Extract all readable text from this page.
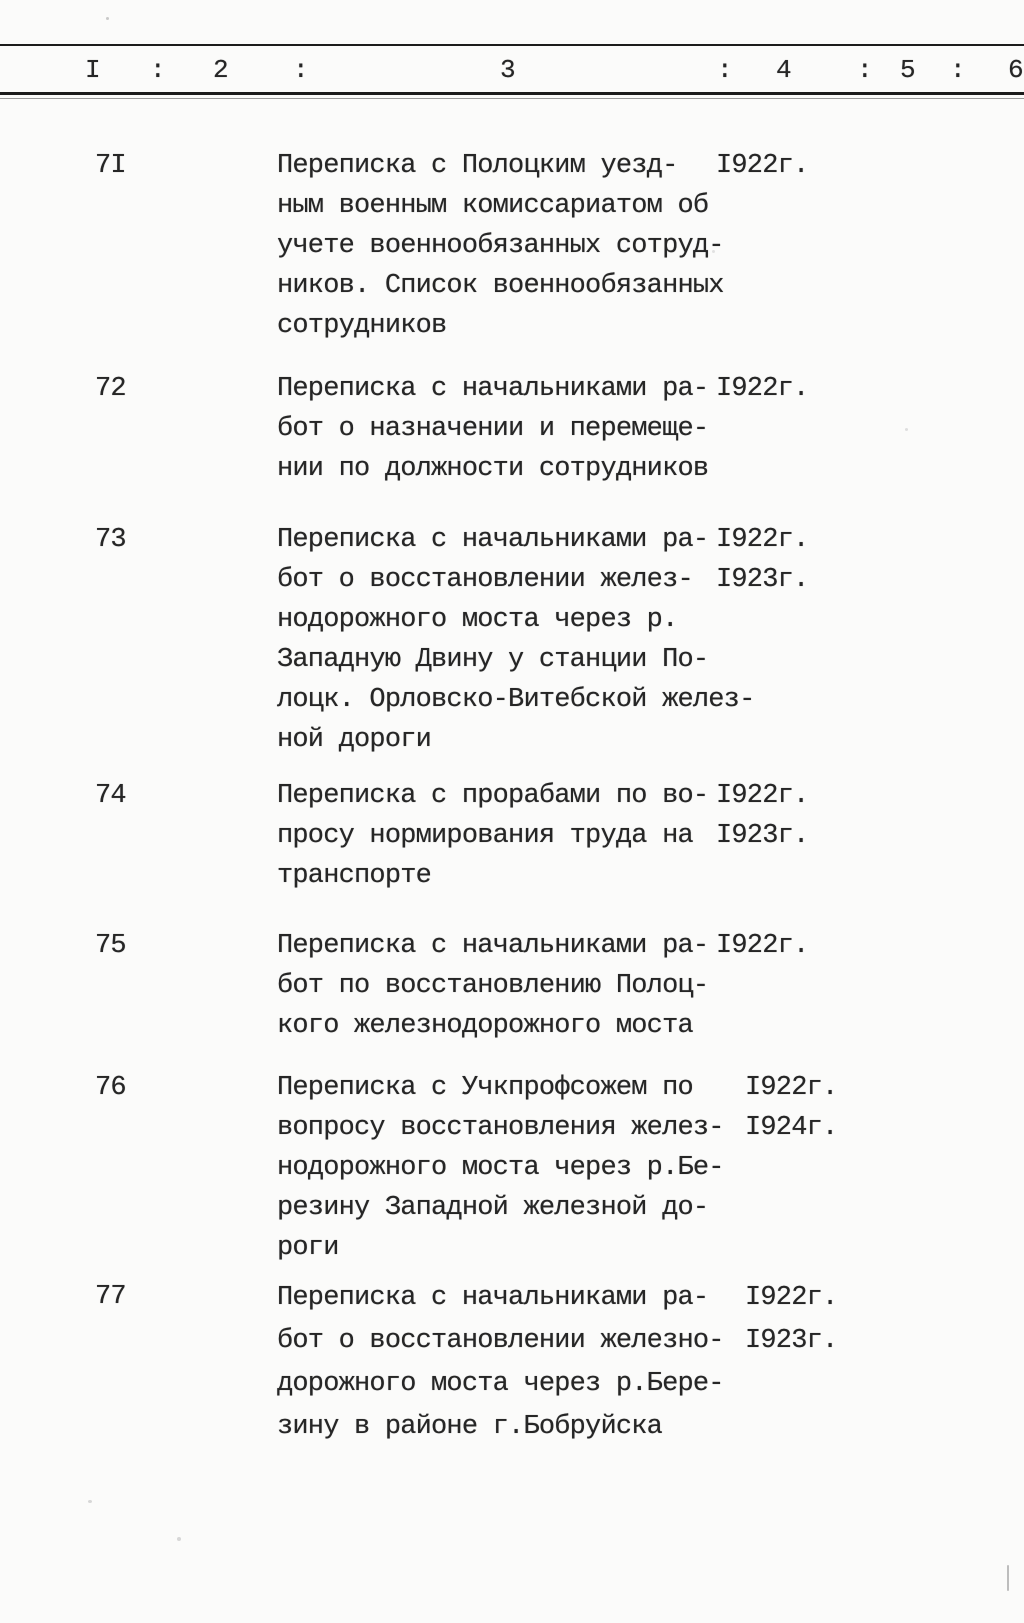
I : 2 :	3	: 4	: 5 : 6
7I	Переписка с Полоцким уезд-
ным военным комиссариатом об
учете военнообязанных сотруд-
ников. Список военнообязанных
сотрудников
I922г.
72	Переписка с начальниками ра-
бот о назначении и перемеще-
нии по должности сотрудников
I922г.
73	Переписка с начальниками ра-
бот о восстановлении желез-
нодорожного моста через р.
Западную Двину у станции По-
лоцк. Орловско-Витебской желез-
ной дороги
I922г.
I923г.
74	Переписка с прорабами по во-
просу нормирования труда на
транспорте
I922г.
I923г.
75	Переписка с начальниками ра-
бот по восстановлению Полоц-
кого железнодорожного моста
I922г.
76	Переписка с Учкпрофсожем по
вопросу восстановления желез-
нодорожного моста через р.Бе-
резину Западной железной до-
роги
I922г.
I924г.
77	Переписка с начальниками ра-
бот о восстановлении железно-
дорожного моста через р.Бере-
зину в районе г.Бобруйска
I922г.
I923г.
